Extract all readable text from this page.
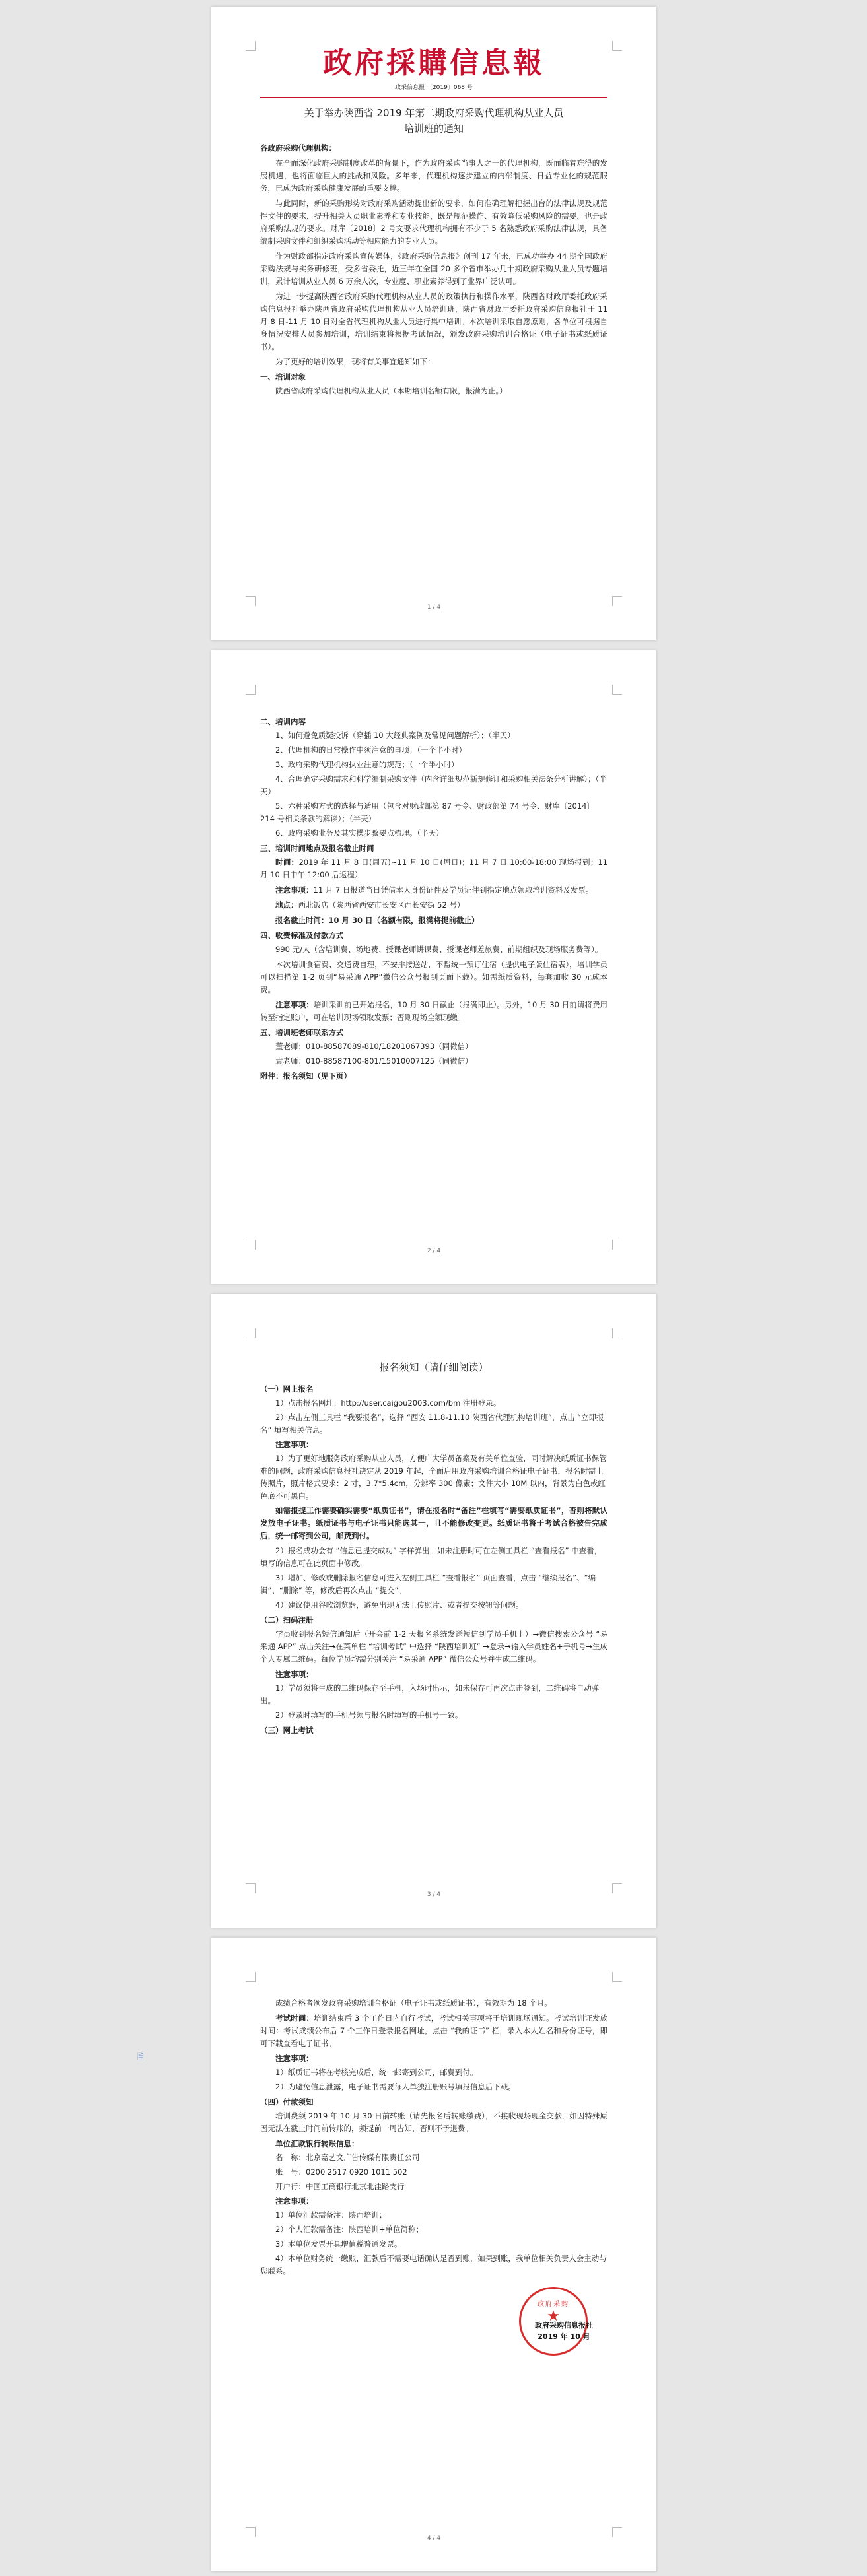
政府採購信息報
政采信息报 〔2019〕068 号
关于举办陕西省 2019 年第二期政府采购代理机构从业人员
培训班的通知

各政府采购代理机构：

在全面深化政府采购制度改革的背景下，作为政府采购当事人之一的代理机构，既面临着难得的发展机遇，也将面临巨大的挑战和风险。多年来，代理机构逐步建立的内部制度、日益专业化的规范服务，已成为政府采购健康发展的重要支撑。

与此同时，新的采购形势对政府采购活动提出新的要求，如何准确理解把握出台的法律法规及规范性文件的要求，提升相关人员职业素养和专业技能，既是规范操作、有效降低采购风险的需要，也是政府采购法规的要求。财库〔2018〕2 号文要求代理机构拥有不少于 5 名熟悉政府采购法律法规，具备编制采购文件和组织采购活动等相应能力的专业人员。

作为财政部指定政府采购宣传媒体，《政府采购信息报》创刊 17 年来，已成功举办 44 期全国政府采购法规与实务研修班，受多省委托，近三年在全国 20 多个省市举办几十期政府采购从业人员专题培训，累计培训从业人员 6 万余人次，专业度、职业素养得到了业界广泛认可。

为进一步提高陕西省政府采购代理机构从业人员的政策执行和操作水平，陕西省财政厅委托政府采购信息报社举办陕西省政府采购代理机构从业人员培训班，陕西省财政厅委托政府采购信息报社于 11 月 8 日-11 月 10 日对全省代理机构从业人员进行集中培训。本次培训采取自愿原则，各单位可根据自身情况安排人员参加培训，培训结束将根据考试情况，颁发政府采购培训合格证（电子证书或纸质证书）。

为了更好的培训效果，现将有关事宜通知如下：

一、培训对象

陕西省政府采购代理机构从业人员（本期培训名额有限，报满为止。）

1 / 4
二、培训内容
1、如何避免质疑投诉（穿插 10 大经典案例及常见问题解析）；（半天）
2、代理机构的日常操作中须注意的事项；（一个半小时）
3、政府采购代理机构执业注意的规范；（一个半小时）
4、合理确定采购需求和科学编制采购文件（内含详细规范新规修订和采购相关法条分析讲解）；（半天）
5、六种采购方式的选择与适用（包含对财政部第 87 号令、财政部第 74 号令、财库〔2014〕214 号相关条款的解读）；（半天）
6、政府采购业务及其实操步骤要点梳理。（半天）
三、培训时间地点及报名截止时间

时间：2019 年 11 月 8 日(周五)~11 月 10 日(周日)；11 月 7 日 10:00-18:00 现场报到；11 月 10 日中午 12:00 后返程）

注意事项：11 月 7 日报道当日凭借本人身份证件及学员证件到指定地点领取培训资料及发票。

地点：西北饭店（陕西省西安市长安区西长安街 52 号）

报名截止时间：10 月 30 日（名额有限，报满将提前截止）

四、收费标准及付款方式

990 元/人（含培训费、场地费、授课老师讲课费、授课老师差旅费、前期组织及现场服务费等）。

本次培训食宿费、交通费自理，不安排接送站，不帮统一预订住宿（提供电子版住宿表），培训学员可以扫描第 1-2 页到“易采通 APP”微信公众号报到页面下载）。如需纸质资料，每套加收 30 元成本费。

注意事项：培训采训前已开始报名，10 月 30 日截止（报满即止）。另外，10 月 30 日前请将费用转至指定账户，可在培训现场领取发票；否则现场全额现缴。

五、培训班老师联系方式
董老师：010-88587089-810/18201067393（同微信）
袁老师：010-88587100-801/15010007125（同微信）
附件：报名须知（见下页）
2 / 4
报名须知（请仔细阅读）
（一）网上报名
1）点击报名网址：http://user.caigou2003.com/bm 注册登录。
2）点击左侧工具栏 “我要报名”，选择 “西安 11.8-11.10 陕西省代理机构培训班”，点击 “立即报名” 填写相关信息。
注意事项：
1）为了更好地服务政府采购从业人员，方便广大学员备案及有关单位查验，同时解决纸质证书保管难的问题，政府采购信息报社决定从 2019 年起，全面启用政府采购培训合格证电子证书，报名时需上传照片，照片格式要求：2 寸，3.7*5.4cm，分辨率 300 像素；文件大小 10M 以内，背景为白色或红色底不可黑白。

如需报提工作需要确实需要“纸质证书”，请在报名时“备注”栏填写“需要纸质证书”，否则将默认发放电子证书。纸质证书与电子证书只能选其一，且不能修改变更。纸质证书将于考试合格被告完成后，统一邮寄到公司，邮费到付。

2）报名成功会有 “信息已提交成功” 字样弹出，如未注册时可在左侧工具栏 “查看报名” 中查看，填写的信息可在此页面中修改。
3）增加、修改或删除报名信息可进入左侧工具栏 “查看报名” 页面查看，点击 “继续报名”、“编辑”、“删除” 等，修改后再次点击 “提交”。
4）建议使用谷歌浏览器，避免出现无法上传照片、或者提交按钮等问题。
（二）扫码注册

学员收到报名短信通知后（开会前 1-2 天报名系统发送短信到学员手机上）→微信搜索公众号 “易采通 APP” 点击关注→在菜单栏 “培训考试” 中选择 “陕西培训班” →登录→输入学员姓名+手机号→生成个人专属二维码。每位学员均需分别关注 “易采通 APP” 微信公众号并生成二维码。

注意事项：
1）学员须将生成的二维码保存至手机，入场时出示，如未保存可再次点击签到，二维码将自动弹出。
2）登录时填写的手机号须与报名时填写的手机号一致。
（三）网上考试
3 / 4
🗎

成绩合格者颁发政府采购培训合格证（电子证书或纸质证书），有效期为 18 个月。

考试时间：培训结束后 3 个工作日内自行考试，考试相关事项将于培训现场通知。考试培训证发放时间：考试成绩公布后 7 个工作日登录报名网址，点击 “我的证书” 栏，录入本人姓名和身份证号，即可下载查看电子证书。

注意事项：
1）纸质证书将在考核完成后，统一邮寄到公司，邮费到付。
2）为避免信息泄露，电子证书需要每人单独注册账号填报信息后下载。
（四）付款须知

培训费须 2019 年 10 月 30 日前转账（请先报名后转账缴费），不接收现场现金交款，如因特殊原因无法在截止时间前转账的，须提前一周告知，否则不予退费。

单位汇款银行转账信息：
名　称：北京嘉艺文广告传媒有限责任公司
账　号：0200 2517 0920 1011 502
开户行：中国工商银行北京北洼路支行
注意事项：
1）单位汇款需备注：陕西培训；
2）个人汇款需备注：陕西培训+单位简称；
3）本单位发票开具增值税普通发票。
4）本单位财务统一缴账，汇款后不需要电话确认是否到账，如果到账，我单位相关负责人会主动与您联系。
政府采购
★
政府采购信息报社
2019 年 10 月
4 / 4
